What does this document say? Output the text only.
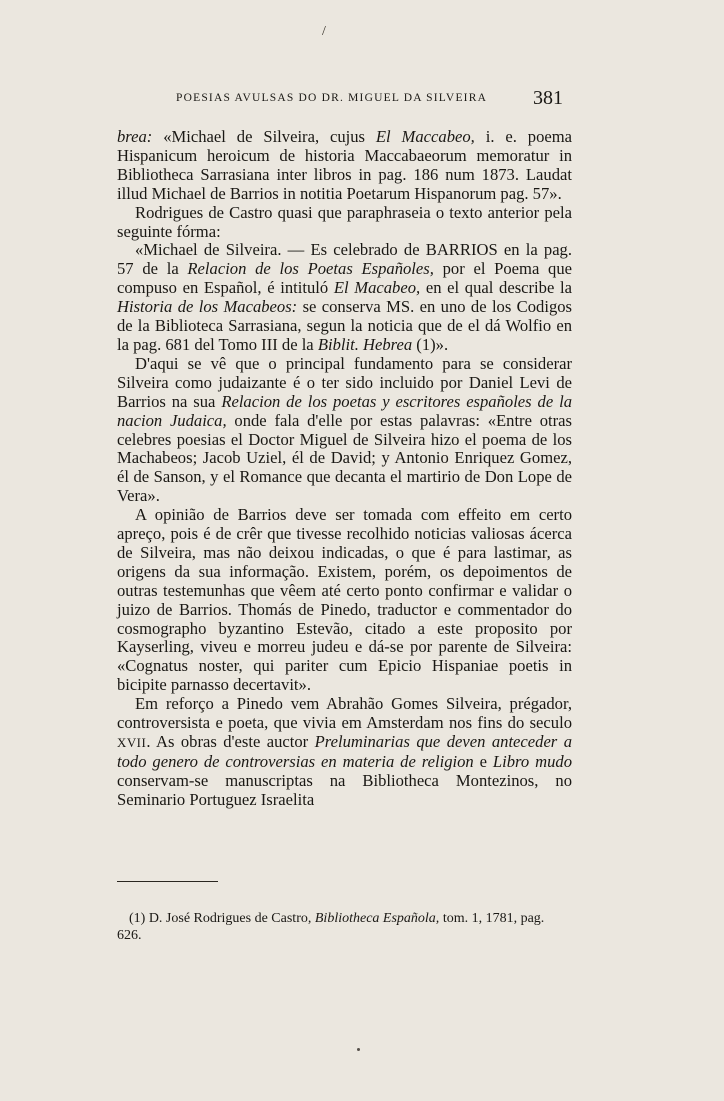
/
POESIAS AVULSAS DO DR. MIGUEL DA SILVEIRA 381

brea: «Michael de Silveira, cujus El Maccabeo, i. e. poema Hispanicum heroicum de historia Maccabaeorum memoratur in Bibliotheca Sarrasiana inter libros in pag. 186 num 1873. Laudat illud Michael de Barrios in notitia Poetarum Hispanorum pag. 57».

Rodrigues de Castro quasi que paraphraseia o texto anterior pela seguinte fórma:

«Michael de Silveira. — Es celebrado de BARRIOS en la pag. 57 de la Relacion de los Poetas Españoles, por el Poema que compuso en Español, é intituló El Macabeo, en el qual describe la Historia de los Macabeos: se conserva MS. en uno de los Codigos de la Biblioteca Sarrasiana, segun la noticia que de el dá Wolfio en la pag. 681 del Tomo III de la Biblit. Hebrea (1)».

D'aqui se vê que o principal fundamento para se considerar Silveira como judaizante é o ter sido incluido por Daniel Levi de Barrios na sua Relacion de los poetas y escritores españoles de la nacion Judaica, onde fala d'elle por estas palavras: «Entre otras celebres poesias el Doctor Miguel de Silveira hizo el poema de los Machabeos; Jacob Uziel, él de David; y Antonio Enriquez Gomez, él de Sanson, y el Romance que decanta el martirio de Don Lope de Vera».

A opinião de Barrios deve ser tomada com effeito em certo apreço, pois é de crêr que tivesse recolhido noticias valiosas ácerca de Silveira, mas não deixou indicadas, o que é para lastimar, as origens da sua informação. Existem, porém, os depoimentos de outras testemunhas que vêem até certo ponto confirmar e validar o juizo de Barrios. Thomás de Pinedo, traductor e commentador do cosmographo byzantino Estevão, citado a este proposito por Kayserling, viveu e morreu judeu e dá-se por parente de Silveira: «Cognatus noster, qui pariter cum Epicio Hispaniae poetis in bicipite parnasso decertavit».

Em reforço a Pinedo vem Abrahão Gomes Silveira, prégador, controversista e poeta, que vivia em Amsterdam nos fins do seculo XVII. As obras d'este auctor Preluminarias que deven anteceder a todo genero de controversias en materia de religion e Libro mudo conservam-se manuscriptas na Bibliotheca Montezinos, no Seminario Portuguez Israelita

(1) D. José Rodrigues de Castro, Bibliotheca Española, tom. 1, 1781, pag. 626.
